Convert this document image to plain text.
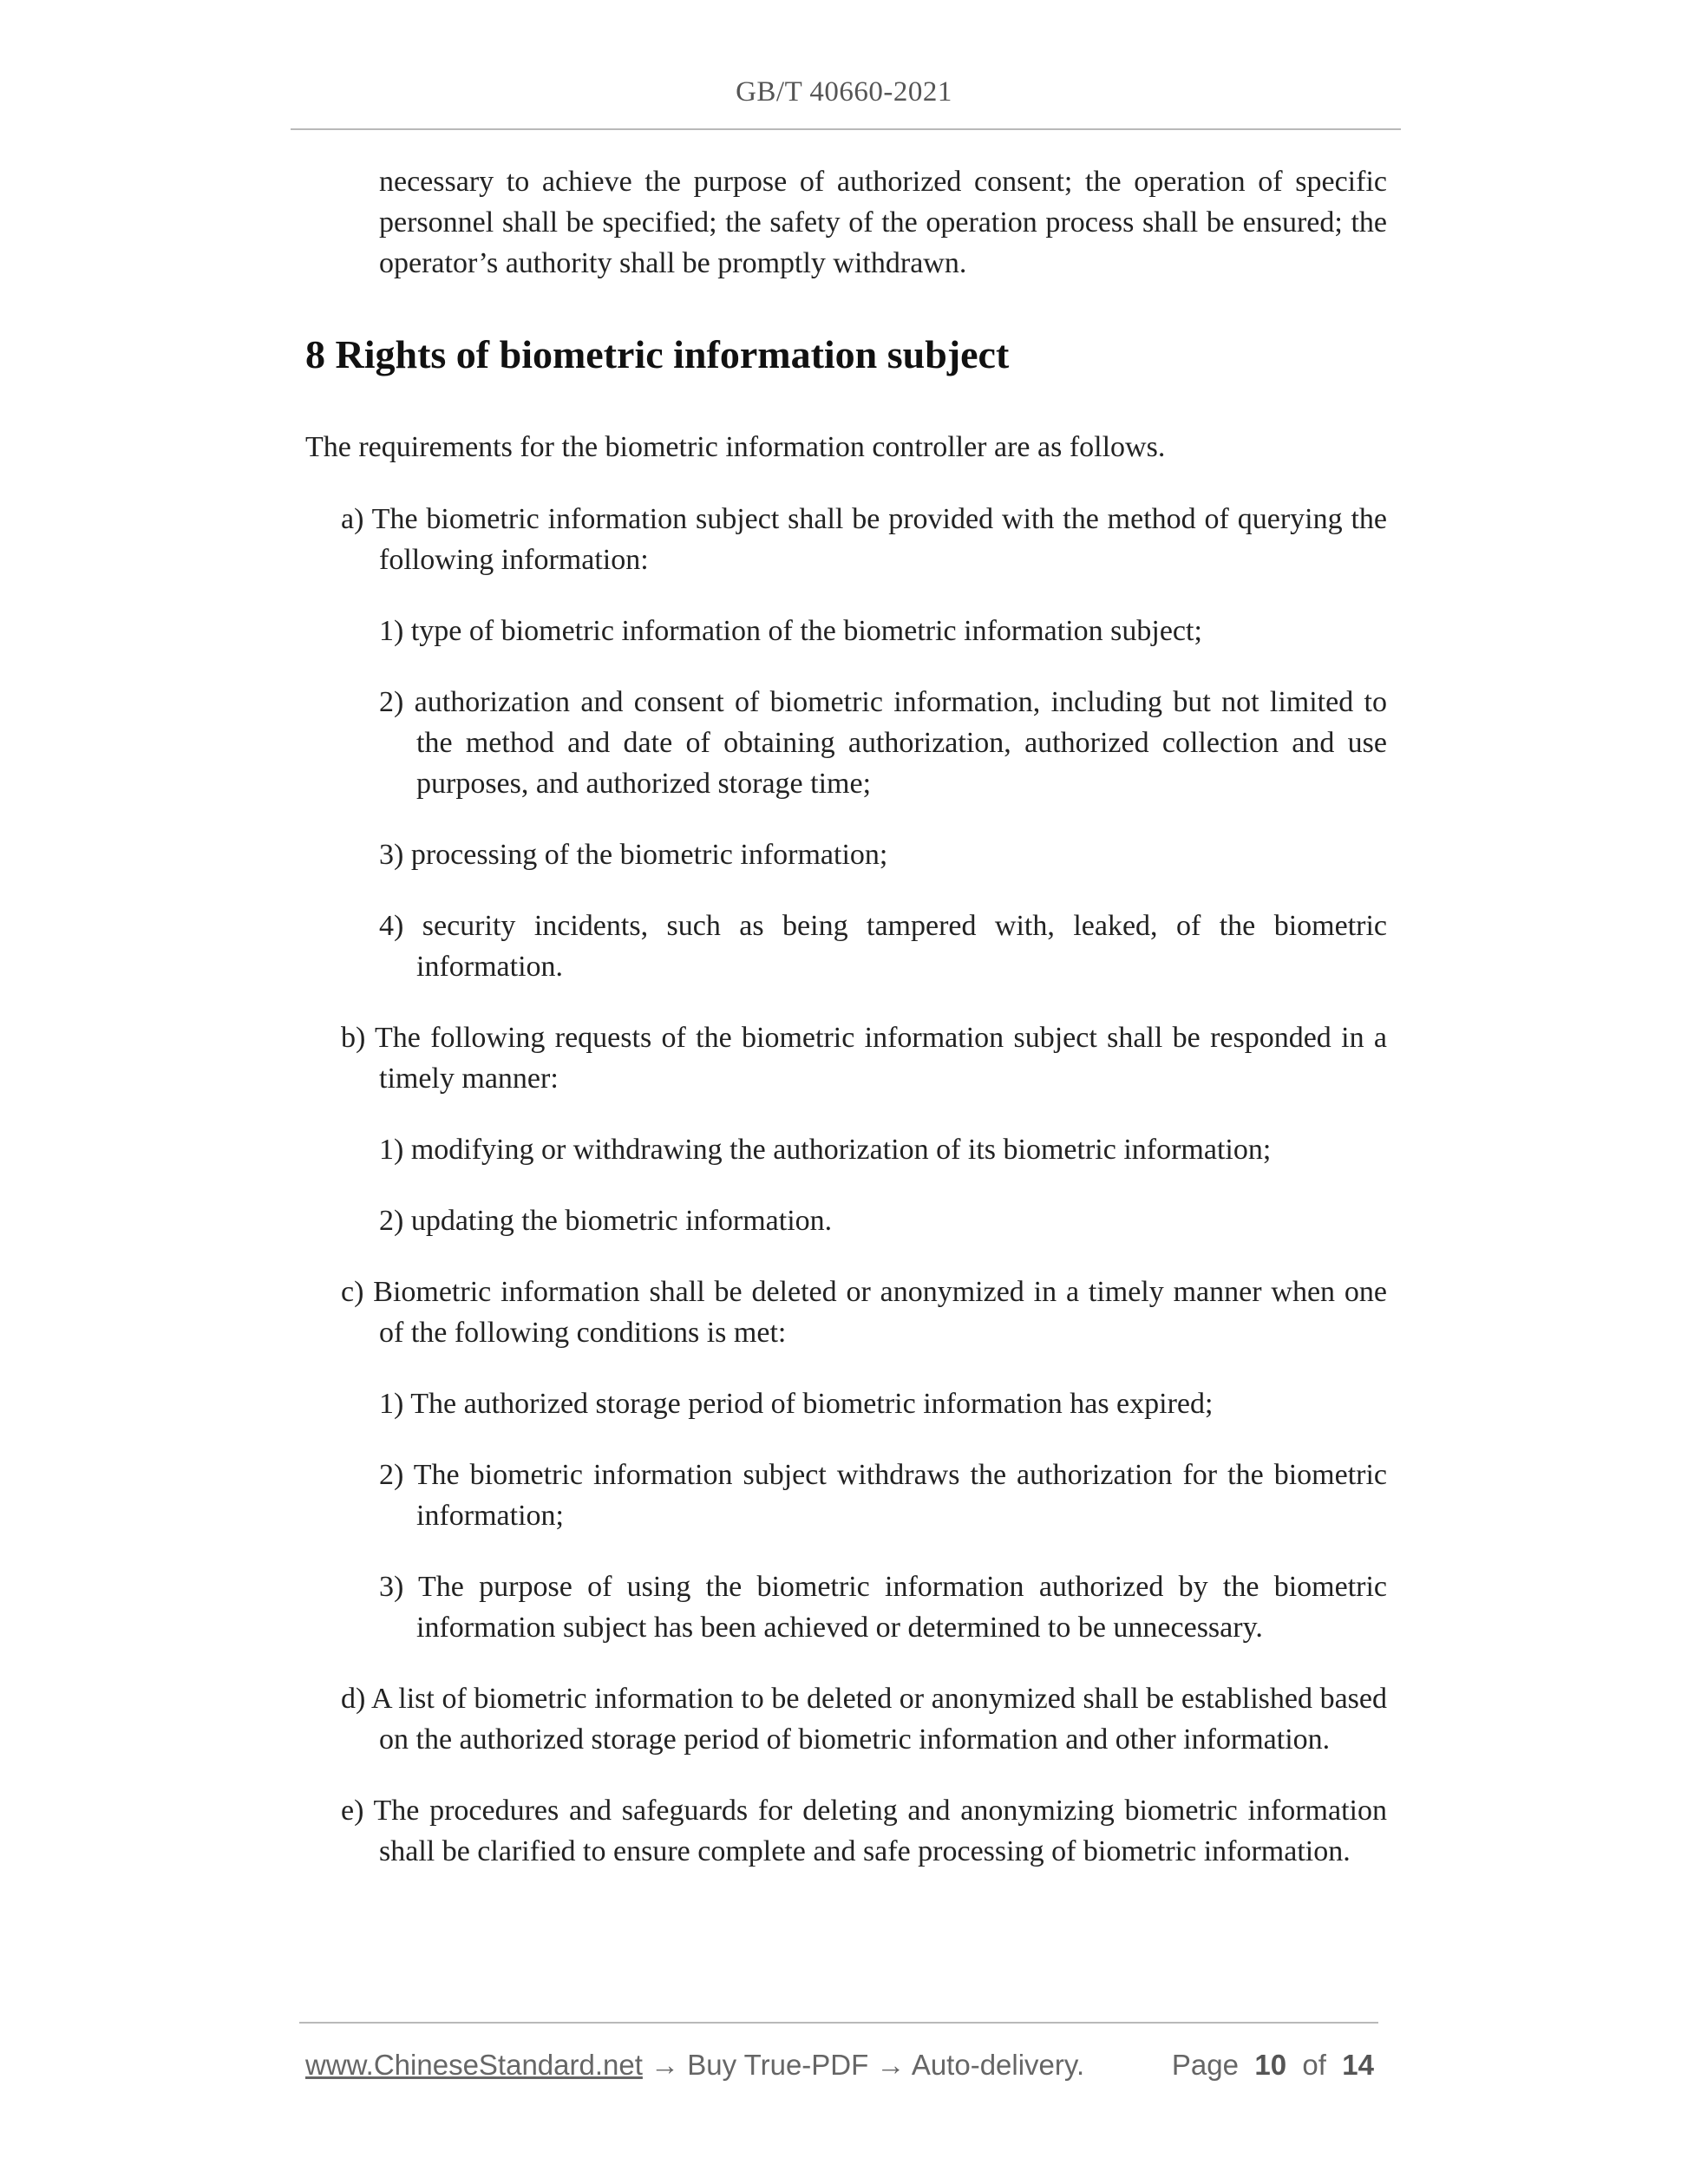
GB/T 40660-2021

necessary to achieve the purpose of authorized consent; the operation of specific personnel shall be specified; the safety of the operation process shall be ensured; the operator’s authority shall be promptly withdrawn.

8 Rights of biometric information subject

The requirements for the biometric information controller are as follows.

a) The biometric information subject shall be provided with the method of querying the following information:

1) type of biometric information of the biometric information subject;

2) authorization and consent of biometric information, including but not limited to the method and date of obtaining authorization, authorized collection and use purposes, and authorized storage time;

3) processing of the biometric information;

4) security incidents, such as being tampered with, leaked, of the biometric information.

b) The following requests of the biometric information subject shall be responded in a timely manner:

1) modifying or withdrawing the authorization of its biometric information;

2) updating the biometric information.

c) Biometric information shall be deleted or anonymized in a timely manner when one of the following conditions is met:

1) The authorized storage period of biometric information has expired;

2) The biometric information subject withdraws the authorization for the biometric information;

3) The purpose of using the biometric information authorized by the biometric information subject has been achieved or determined to be unnecessary.

d) A list of biometric information to be deleted or anonymized shall be established based on the authorized storage period of biometric information and other information.

e) The procedures and safeguards for deleting and anonymizing biometric information shall be clarified to ensure complete and safe processing of biometric information.

www.ChineseStandard.net → Buy True-PDF → Auto-delivery.	Page 10 of 14
